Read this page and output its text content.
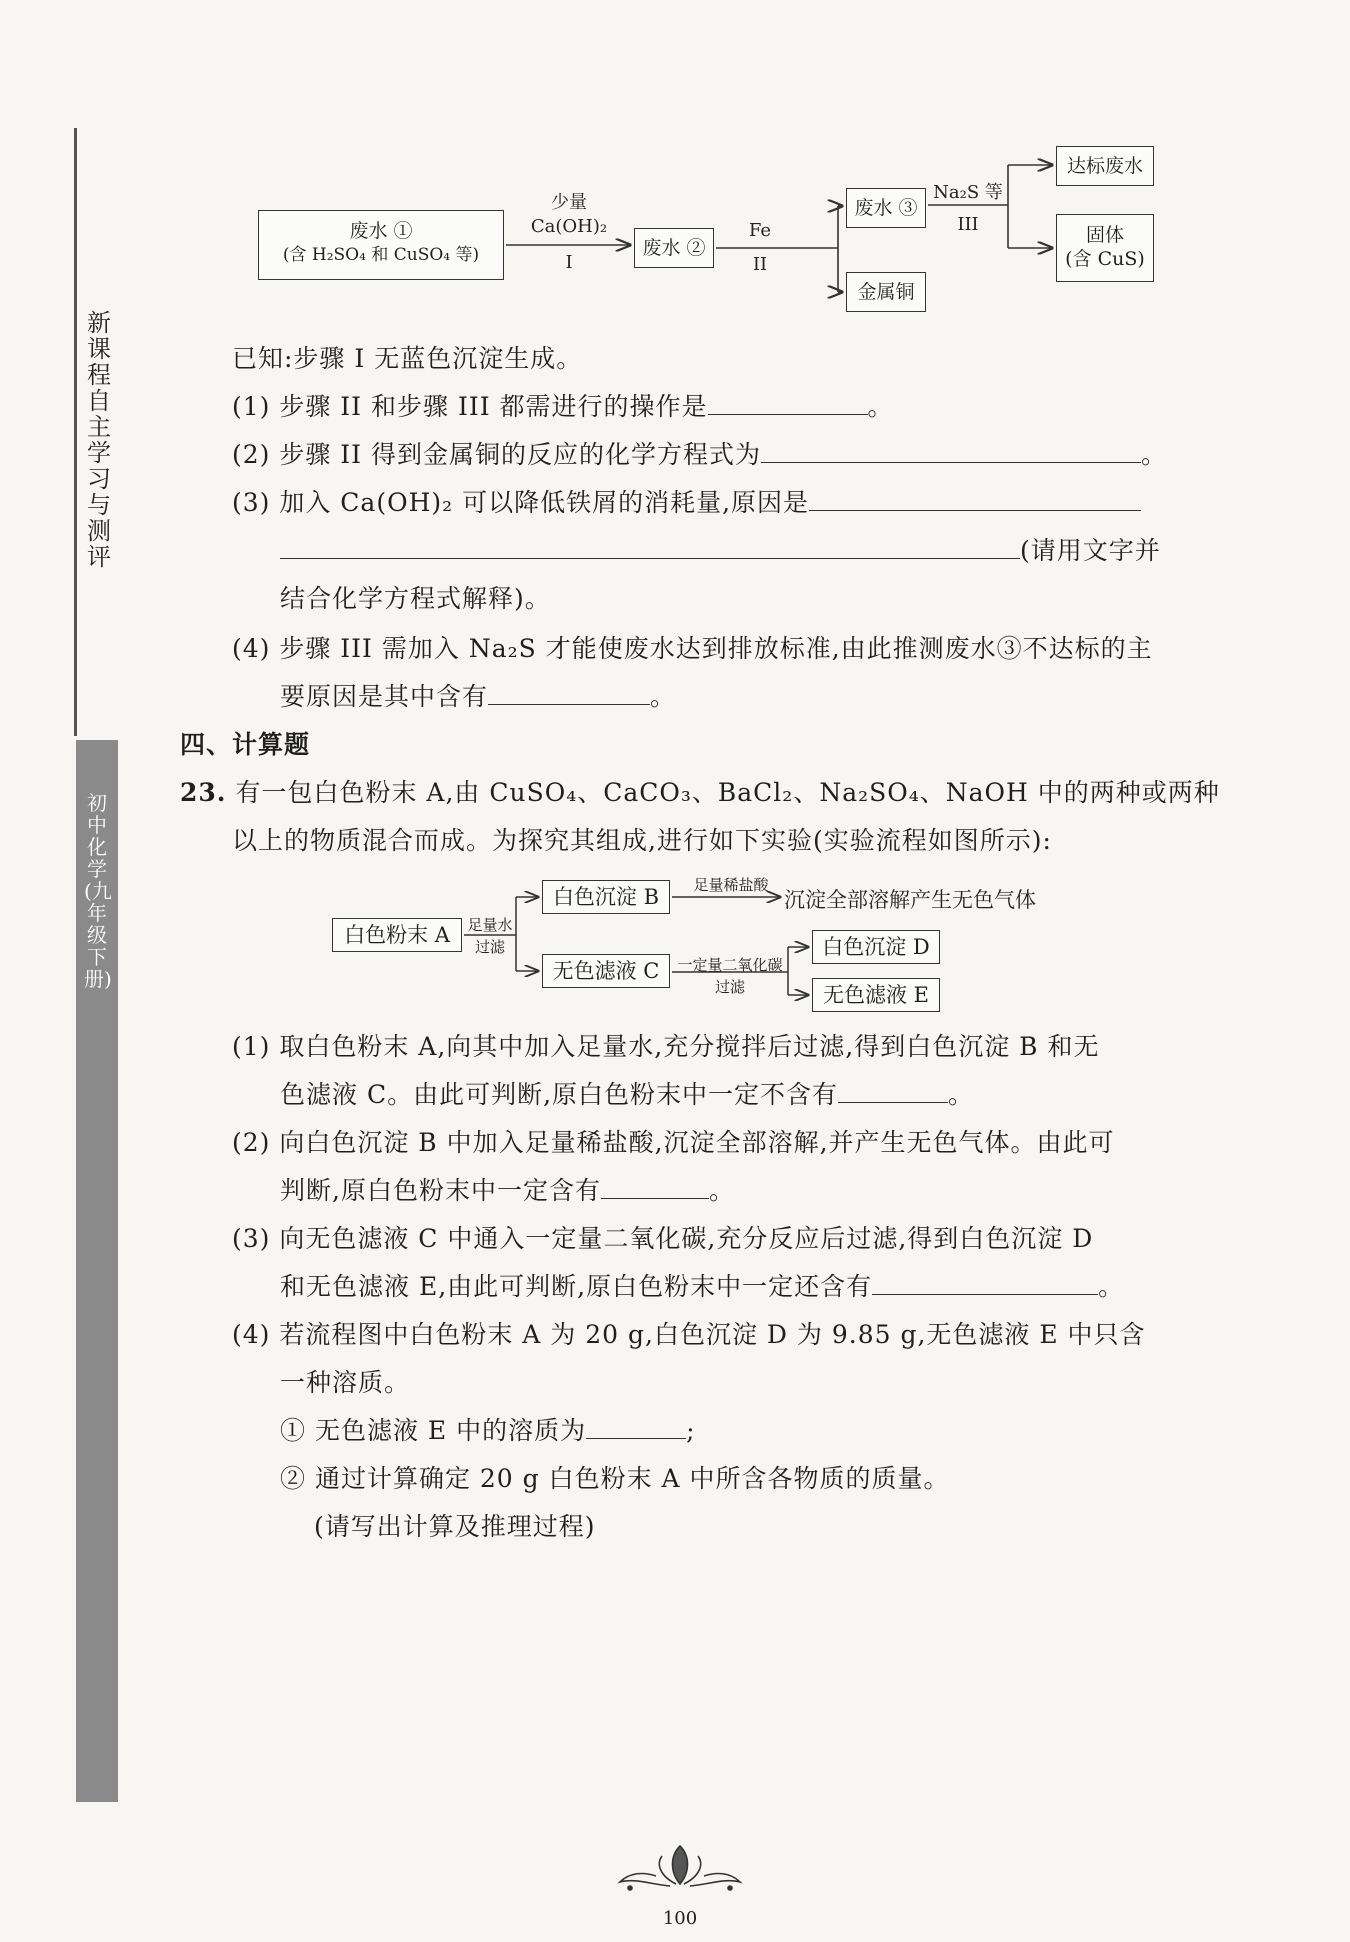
新课程自主学习与测评
初中化学(九年级下册)
废水 ①
(含 H₂SO₄ 和 CuSO₄ 等)
少量
Ca(OH)₂
I
废水 ②
Fe
II
废水 ③
金属铜
Na₂S 等
III
达标废水
固体
(含 CuS)
已知:步骤 I 无蓝色沉淀生成。
(1) 步骤 II 和步骤 III 都需进行的操作是	。
(2) 步骤 II 得到金属铜的反应的化学方程式为	。
(3) 加入 Ca(OH)₂ 可以降低铁屑的消耗量,原因是
(请用文字并
结合化学方程式解释)。
(4) 步骤 III 需加入 Na₂S 才能使废水达到排放标准,由此推测废水③不达标的主
要原因是其中含有	。
四、计算题
23. 有一包白色粉末 A,由 CuSO₄、CaCO₃、BaCl₂、Na₂SO₄、NaOH 中的两种或两种
以上的物质混合而成。为探究其组成,进行如下实验(实验流程如图所示):
白色粉末 A	足量水
过滤
白色沉淀 B	足量稀盐酸
沉淀全部溶解产生无色气体
无色滤液 C	一定量二氧化碳
过滤
白色沉淀 D
无色滤液 E
(1) 取白色粉末 A,向其中加入足量水,充分搅拌后过滤,得到白色沉淀 B 和无
色滤液 C。由此可判断,原白色粉末中一定不含有	。
(2) 向白色沉淀 B 中加入足量稀盐酸,沉淀全部溶解,并产生无色气体。由此可
判断,原白色粉末中一定含有	。
(3) 向无色滤液 C 中通入一定量二氧化碳,充分反应后过滤,得到白色沉淀 D
和无色滤液 E,由此可判断,原白色粉末中一定还含有	。
(4) 若流程图中白色粉末 A 为 20 g,白色沉淀 D 为 9.85 g,无色滤液 E 中只含
一种溶质。
① 无色滤液 E 中的溶质为	;
② 通过计算确定 20 g 白色粉末 A 中所含各物质的质量。
(请写出计算及推理过程)
100
